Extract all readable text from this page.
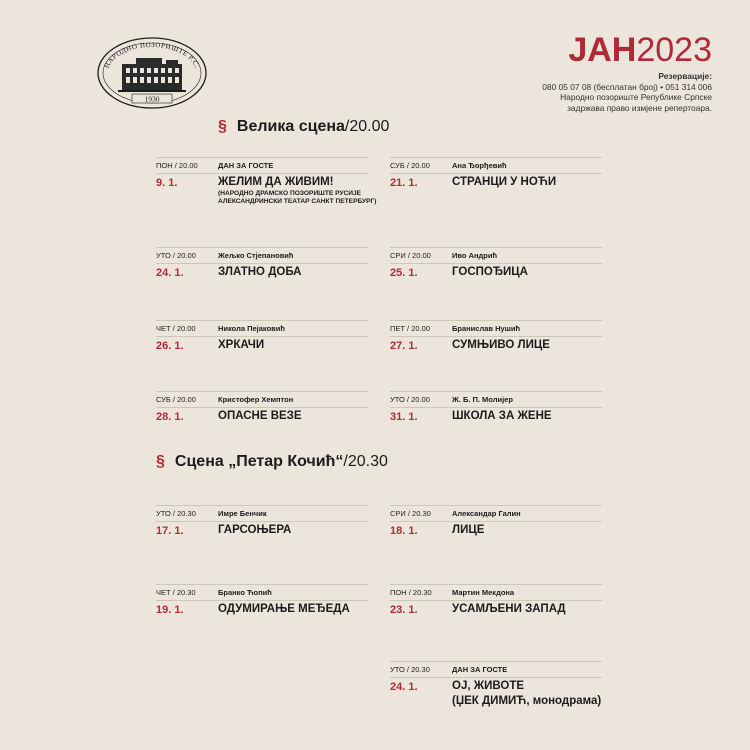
НАРОДНО ПОЗОРИШТЕ Р.С.
1930
ЈАН2023
Резервације:
080 05 07 08 (бесплатан број) • 051 314 006
Народно позориште Републике Српске
задржава право измјене репертоара.
§ Велика сцена /20.00
ПОН / 20.00	ДАН ЗА ГОСТЕ
9. 1.	ЖЕЛИМ ДА ЖИВИМ!
(НАРОДНО ДРАМСКО ПОЗОРИШТЕ РУСИЈЕ
АЛЕКСАНДРИНСКИ ТЕАТАР САНКТ ПЕТЕРБУРГ)
СУБ / 20.00	Ана Ђорђевић
21. 1.	СТРАНЦИ У НОЋИ
УТО / 20.00	Жељко Стјепановић
24. 1.	ЗЛАТНО ДОБА
СРИ / 20.00	Иво Андрић
25. 1.	ГОСПОЂИЦА
ЧЕТ / 20.00	Никола Пејаковић
26. 1.	ХРКАЧИ
ПЕТ / 20.00	Бранислав Нушић
27. 1.	СУМЊИВО ЛИЦЕ
СУБ / 20.00	Кристофер Хемптон
28. 1.	ОПАСНЕ ВЕЗЕ
УТО / 20.00	Ж. Б. П. Молијер
31. 1.	ШКОЛА ЗА ЖЕНЕ
§ Сцена „Петар Кочић“ /20.30
УТО / 20.30	Имре Бенчик
17. 1.	ГАРСОЊЕРА
СРИ / 20.30	Александар Галин
18. 1.	ЛИЦЕ
ЧЕТ / 20.30	Бранко Ћопић
19. 1.	ОДУМИРАЊЕ МЕЂЕДА
ПОН / 20.30	Мартин Мекдона
23. 1.	УСАМЉЕНИ ЗАПАД
УТО / 20.30	ДАН ЗА ГОСТЕ
24. 1.	ОЈ, ЖИВОТЕ
(ЏЕК ДИМИЋ, монодрама)
